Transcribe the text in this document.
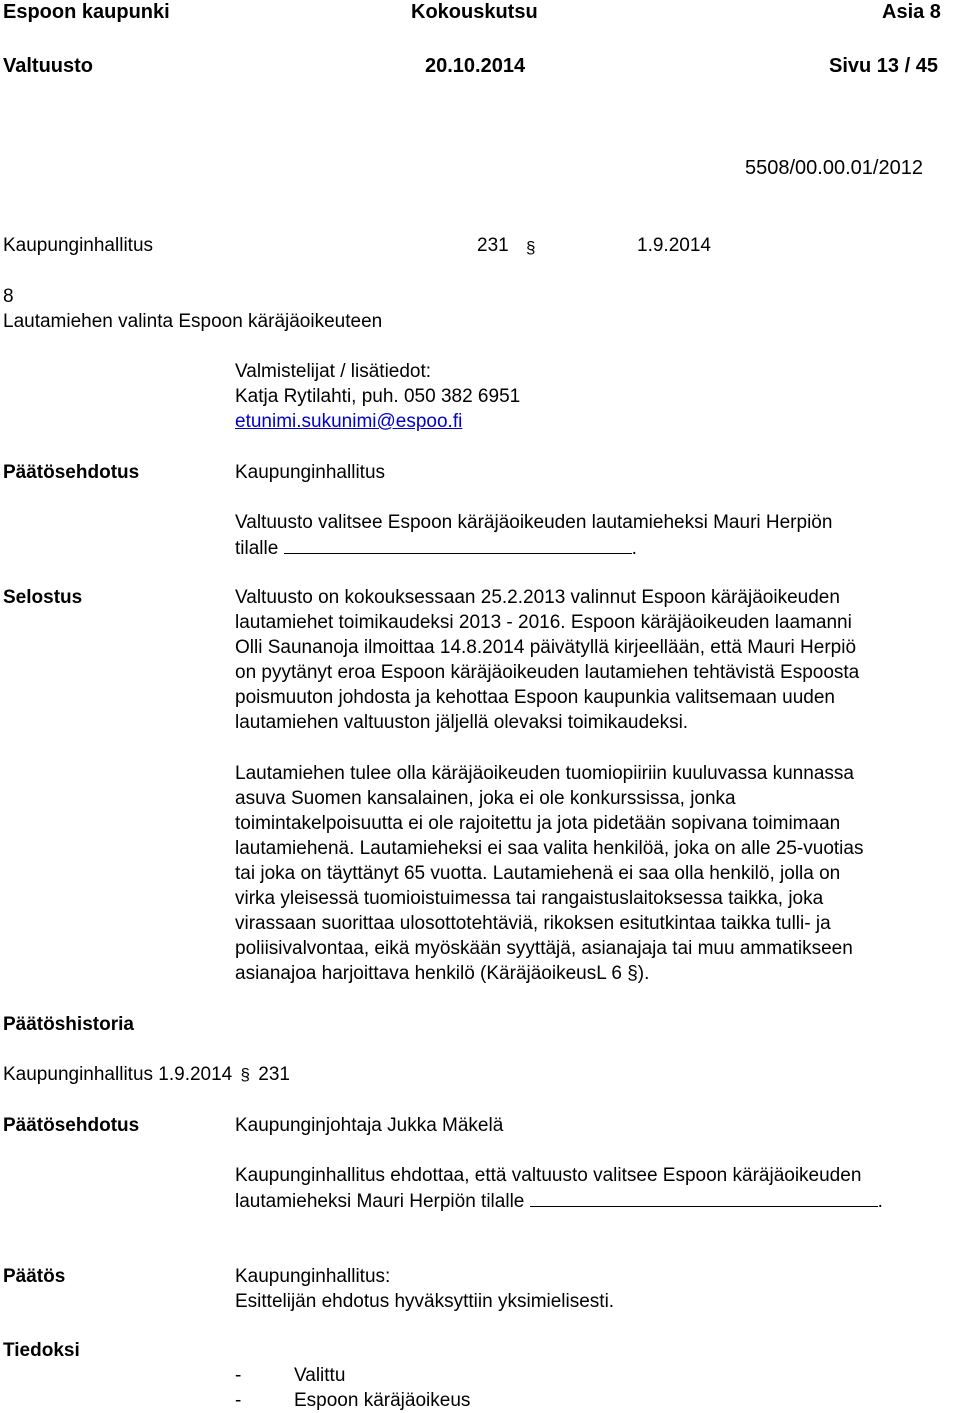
Espoon kaupunki	Kokouskutsu	Asia 8
Valtuusto	20.10.2014	Sivu 13 / 45
5508/00.00.01/2012
Kaupunginhallitus	231 §	1.9.2014
8
Lautamiehen valinta Espoon käräjäoikeuteen
Valmistelijat / lisätiedot:
Katja Rytilahti, puh. 050 382 6951
etunimi.sukunimi@espoo.fi
Päätösehdotus	Kaupunginhallitus
Valtuusto valitsee Espoon käräjäoikeuden lautamieheksi Mauri Herpiön
tilalle	.
Selostus	Valtuusto on kokouksessaan 25.2.2013 valinnut Espoon käräjäoikeuden
lautamiehet toimikaudeksi 2013 - 2016. Espoon käräjäoikeuden laamanni
Olli Saunanoja ilmoittaa 14.8.2014 päivätyllä kirjeellään, että Mauri Herpiö
on pyytänyt eroa Espoon käräjäoikeuden lautamiehen tehtävistä Espoosta
poismuuton johdosta ja kehottaa Espoon kaupunkia valitsemaan uuden
lautamiehen valtuuston jäljellä olevaksi toimikaudeksi.
Lautamiehen tulee olla käräjäoikeuden tuomiopiiriin kuuluvassa kunnassa
asuva Suomen kansalainen, joka ei ole konkurssissa, jonka
toimintakelpoisuutta ei ole rajoitettu ja jota pidetään sopivana toimimaan
lautamiehenä. Lautamieheksi ei saa valita henkilöä, joka on alle 25-vuotias
tai joka on täyttänyt 65 vuotta. Lautamiehenä ei saa olla henkilö, jolla on
virka yleisessä tuomioistuimessa tai rangaistuslaitoksessa taikka, joka
virassaan suorittaa ulosottotehtäviä, rikoksen esitutkintaa taikka tulli- ja
poliisivalvontaa, eikä myöskään syyttäjä, asianajaja tai muu ammatikseen
asianajoa harjoittava henkilö (KäräjäoikeusL 6 §).
Päätöshistoria
Kaupunginhallitus 1.9.2014 § 231
Päätösehdotus	Kaupunginjohtaja Jukka Mäkelä
Kaupunginhallitus ehdottaa, että valtuusto valitsee Espoon käräjäoikeuden
lautamieheksi Mauri Herpiön tilalle	.
Päätös	Kaupunginhallitus:
Esittelijän ehdotus hyväksyttiin yksimielisesti.
Tiedoksi
-	Valittu
-	Espoon käräjäoikeus
